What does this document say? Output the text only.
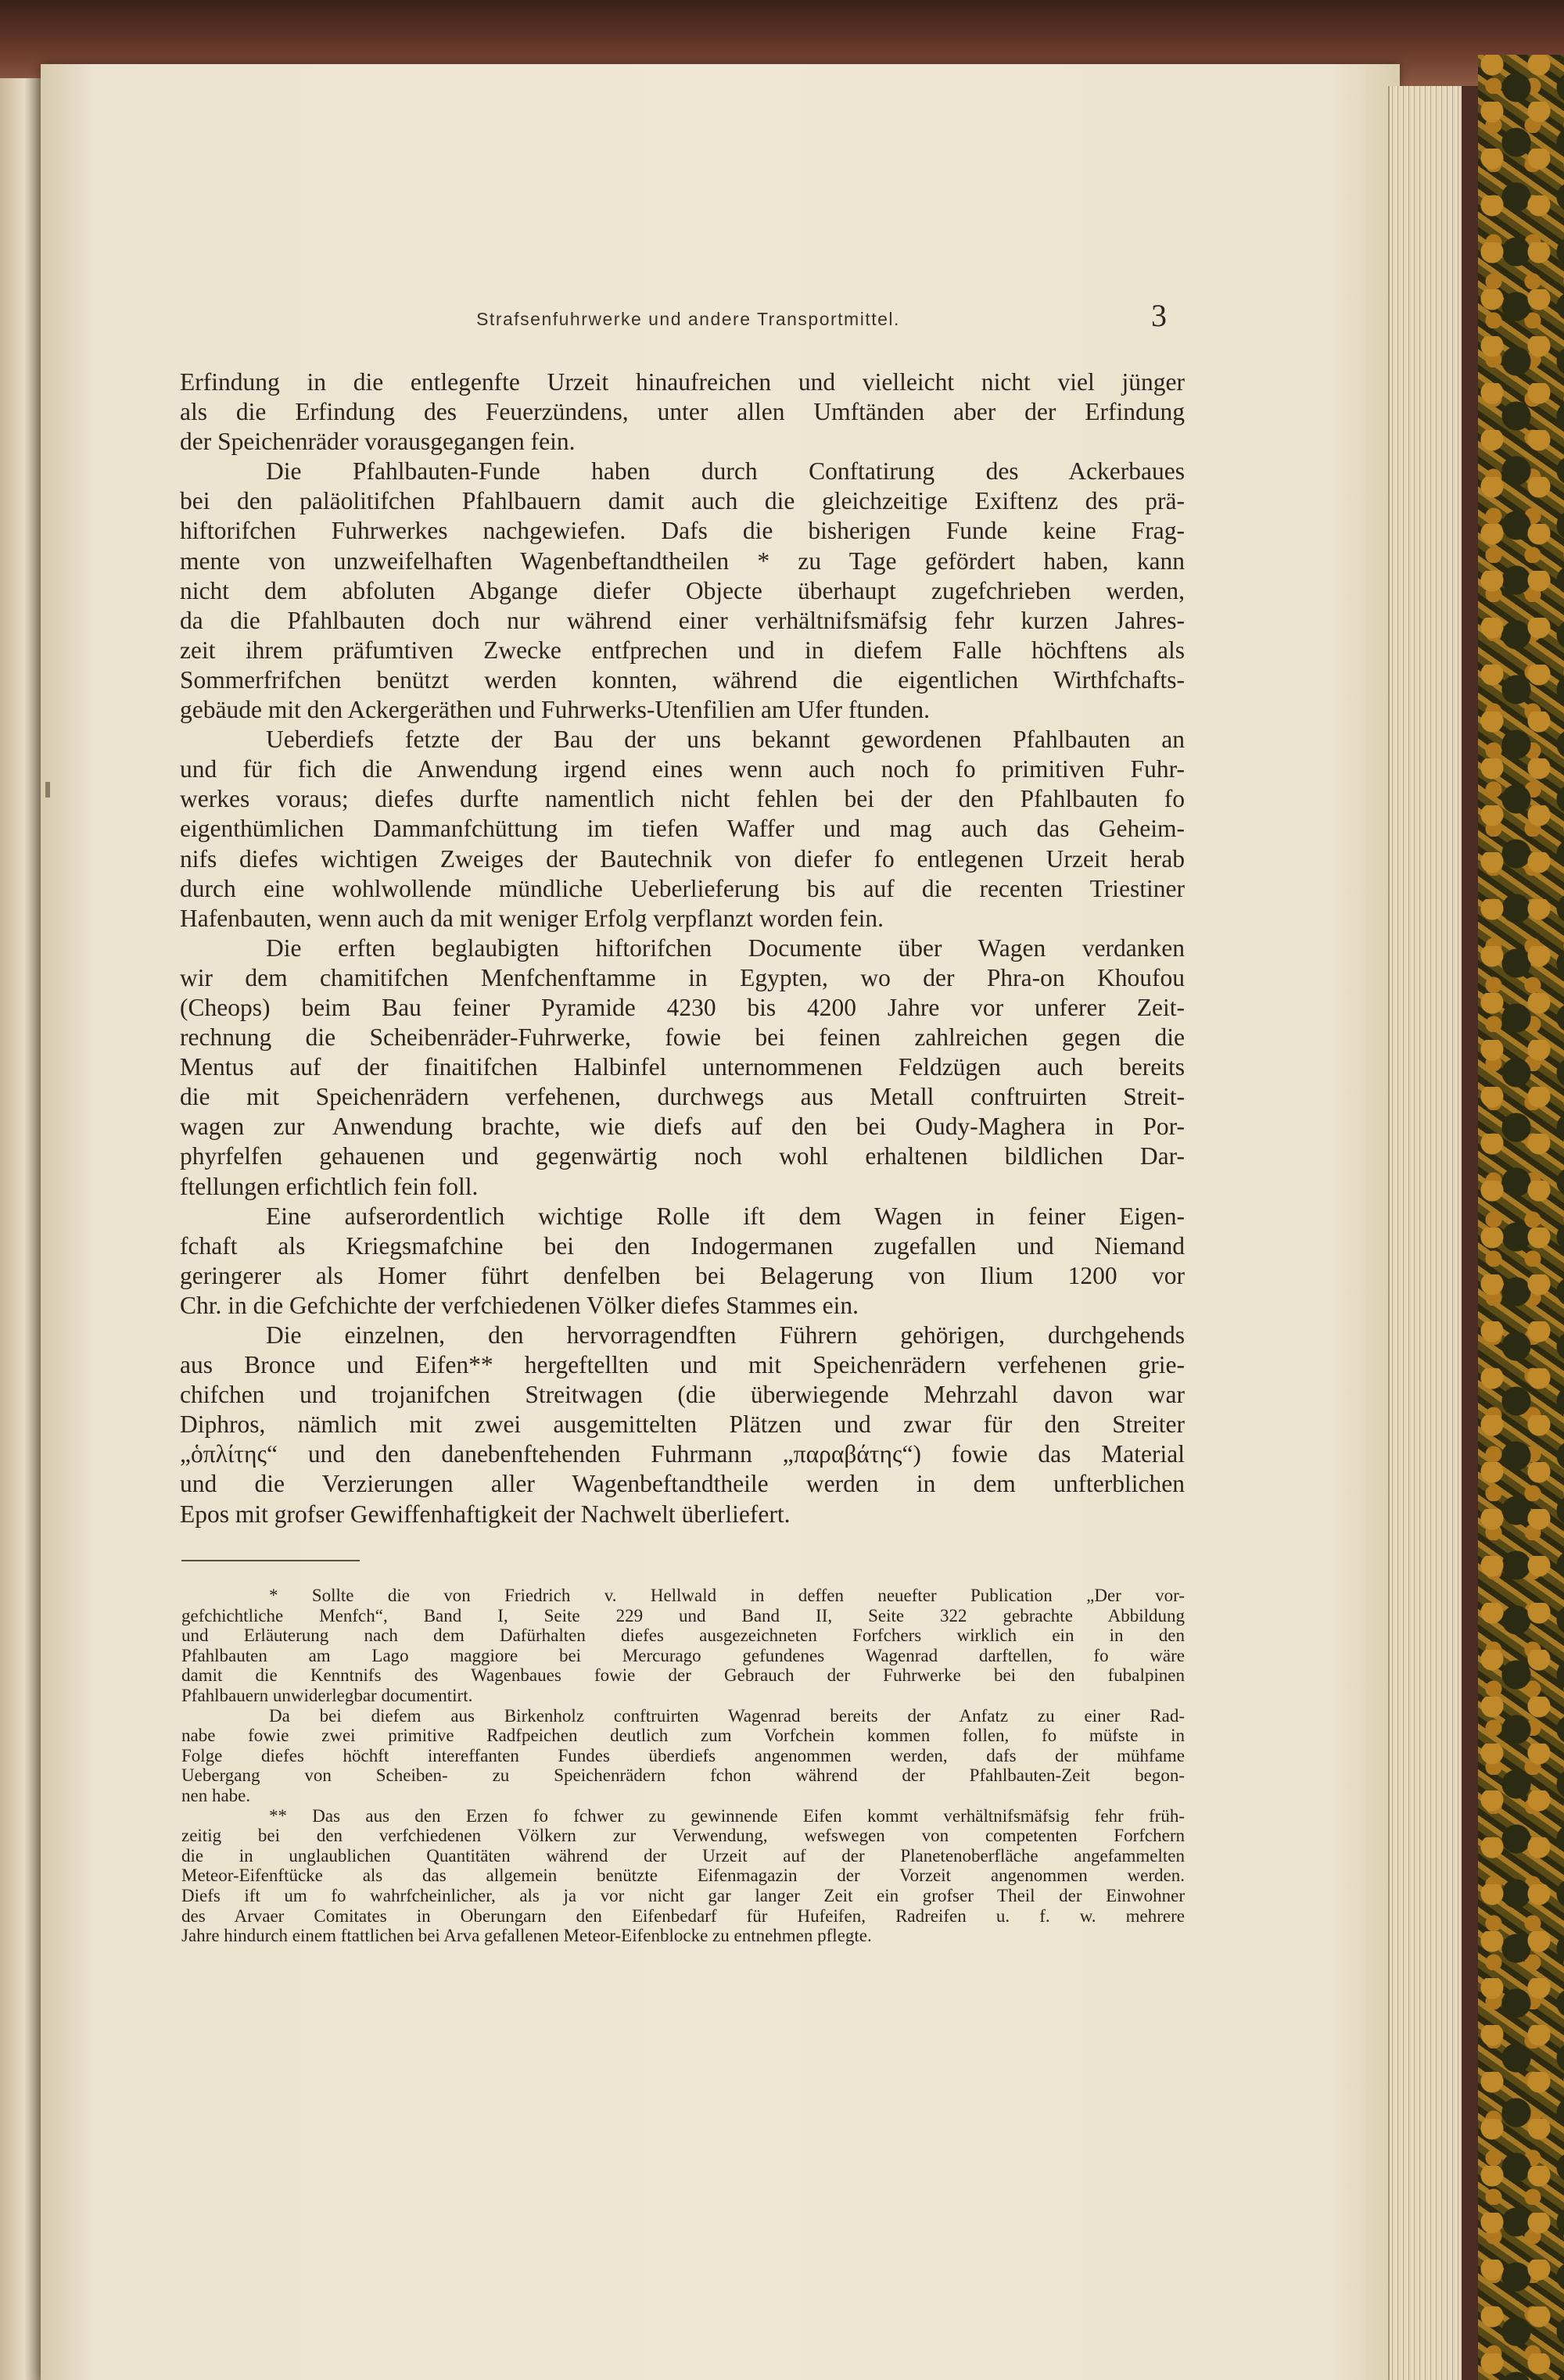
Strafsenfuhrwerke und andere Transportmittel.	3
Erfindung in die entlegenfte Urzeit hinaufreichen und vielleicht nicht viel jünger
als die Erfindung des Feuerzündens, unter allen Umftänden aber der Erfindung
der Speichenräder vorausgegangen fein.
Die Pfahlbauten-Funde haben durch Conftatirung des Ackerbaues
bei den paläolitifchen Pfahlbauern damit auch die gleichzeitige Exiftenz des prä-
hiftorifchen Fuhrwerkes nachgewiefen. Dafs die bisherigen Funde keine Frag-
mente von unzweifelhaften Wagenbeftandtheilen * zu Tage gefördert haben, kann
nicht dem abfoluten Abgange diefer Objecte überhaupt zugefchrieben werden,
da die Pfahlbauten doch nur während einer verhältnifsmäfsig fehr kurzen Jahres-
zeit ihrem präfumtiven Zwecke entfprechen und in diefem Falle höchftens als
Sommerfrifchen benützt werden konnten, während die eigentlichen Wirthfchafts-
gebäude mit den Ackergeräthen und Fuhrwerks-Utenfilien am Ufer ftunden.
Ueberdiefs fetzte der Bau der uns bekannt gewordenen Pfahlbauten an
und für fich die Anwendung irgend eines wenn auch noch fo primitiven Fuhr-
werkes voraus; diefes durfte namentlich nicht fehlen bei der den Pfahlbauten fo
eigenthümlichen Dammanfchüttung im tiefen Waffer und mag auch das Geheim-
nifs diefes wichtigen Zweiges der Bautechnik von diefer fo entlegenen Urzeit herab
durch eine wohlwollende mündliche Ueberlieferung bis auf die recenten Triestiner
Hafenbauten, wenn auch da mit weniger Erfolg verpflanzt worden fein.
Die erften beglaubigten hiftorifchen Documente über Wagen verdanken
wir dem chamitifchen Menfchenftamme in Egypten, wo der Phra-on Khoufou
(Cheops) beim Bau feiner Pyramide 4230 bis 4200 Jahre vor unferer Zeit-
rechnung die Scheibenräder-Fuhrwerke, fowie bei feinen zahlreichen gegen die
Mentus auf der finaitifchen Halbinfel unternommenen Feldzügen auch bereits
die mit Speichenrädern verfehenen, durchwegs aus Metall conftruirten Streit-
wagen zur Anwendung brachte, wie diefs auf den bei Oudy-Maghera in Por-
phyrfelfen gehauenen und gegenwärtig noch wohl erhaltenen bildlichen Dar-
ftellungen erfichtlich fein foll.
Eine aufserordentlich wichtige Rolle ift dem Wagen in feiner Eigen-
fchaft als Kriegsmafchine bei den Indogermanen zugefallen und Niemand
geringerer als Homer führt denfelben bei Belagerung von Ilium 1200 vor
Chr. in die Gefchichte der verfchiedenen Völker diefes Stammes ein.
Die einzelnen, den hervorragendften Führern gehörigen, durchgehends
aus Bronce und Eifen** hergeftellten und mit Speichenrädern verfehenen grie-
chifchen und trojanifchen Streitwagen (die überwiegende Mehrzahl davon war
Diphros, nämlich mit zwei ausgemittelten Plätzen und zwar für den Streiter
„ὁπλίτης“ und den danebenftehenden Fuhrmann „παραβάτης“) fowie das Material
und die Verzierungen aller Wagenbeftandtheile werden in dem unfterblichen
Epos mit grofser Gewiffenhaftigkeit der Nachwelt überliefert.
* Sollte die von Friedrich v. Hellwald in deffen neuefter Publication „Der vor-
gefchichtliche Menfch“, Band I, Seite 229 und Band II, Seite 322 gebrachte Abbildung
und Erläuterung nach dem Dafürhalten diefes ausgezeichneten Forfchers wirklich ein in den
Pfahlbauten am Lago maggiore bei Mercurago gefundenes Wagenrad darftellen, fo wäre
damit die Kenntnifs des Wagenbaues fowie der Gebrauch der Fuhrwerke bei den fubalpinen
Pfahlbauern unwiderlegbar documentirt.
Da bei diefem aus Birkenholz conftruirten Wagenrad bereits der Anfatz zu einer Rad-
nabe fowie zwei primitive Radfpeichen deutlich zum Vorfchein kommen follen, fo müfste in
Folge diefes höchft intereffanten Fundes überdiefs angenommen werden, dafs der mühfame
Uebergang von Scheiben- zu Speichenrädern fchon während der Pfahlbauten-Zeit begon-
nen habe.
** Das aus den Erzen fo fchwer zu gewinnende Eifen kommt verhältnifsmäfsig fehr früh-
zeitig bei den verfchiedenen Völkern zur Verwendung, wefswegen von competenten Forfchern
die in unglaublichen Quantitäten während der Urzeit auf der Planetenoberfläche angefammelten
Meteor-Eifenftücke als das allgemein benützte Eifenmagazin der Vorzeit angenommen werden.
Diefs ift um fo wahrfcheinlicher, als ja vor nicht gar langer Zeit ein grofser Theil der Einwohner
des Arvaer Comitates in Oberungarn den Eifenbedarf für Hufeifen, Radreifen u. f. w. mehrere
Jahre hindurch einem ftattlichen bei Arva gefallenen Meteor-Eifenblocke zu entnehmen pflegte.
